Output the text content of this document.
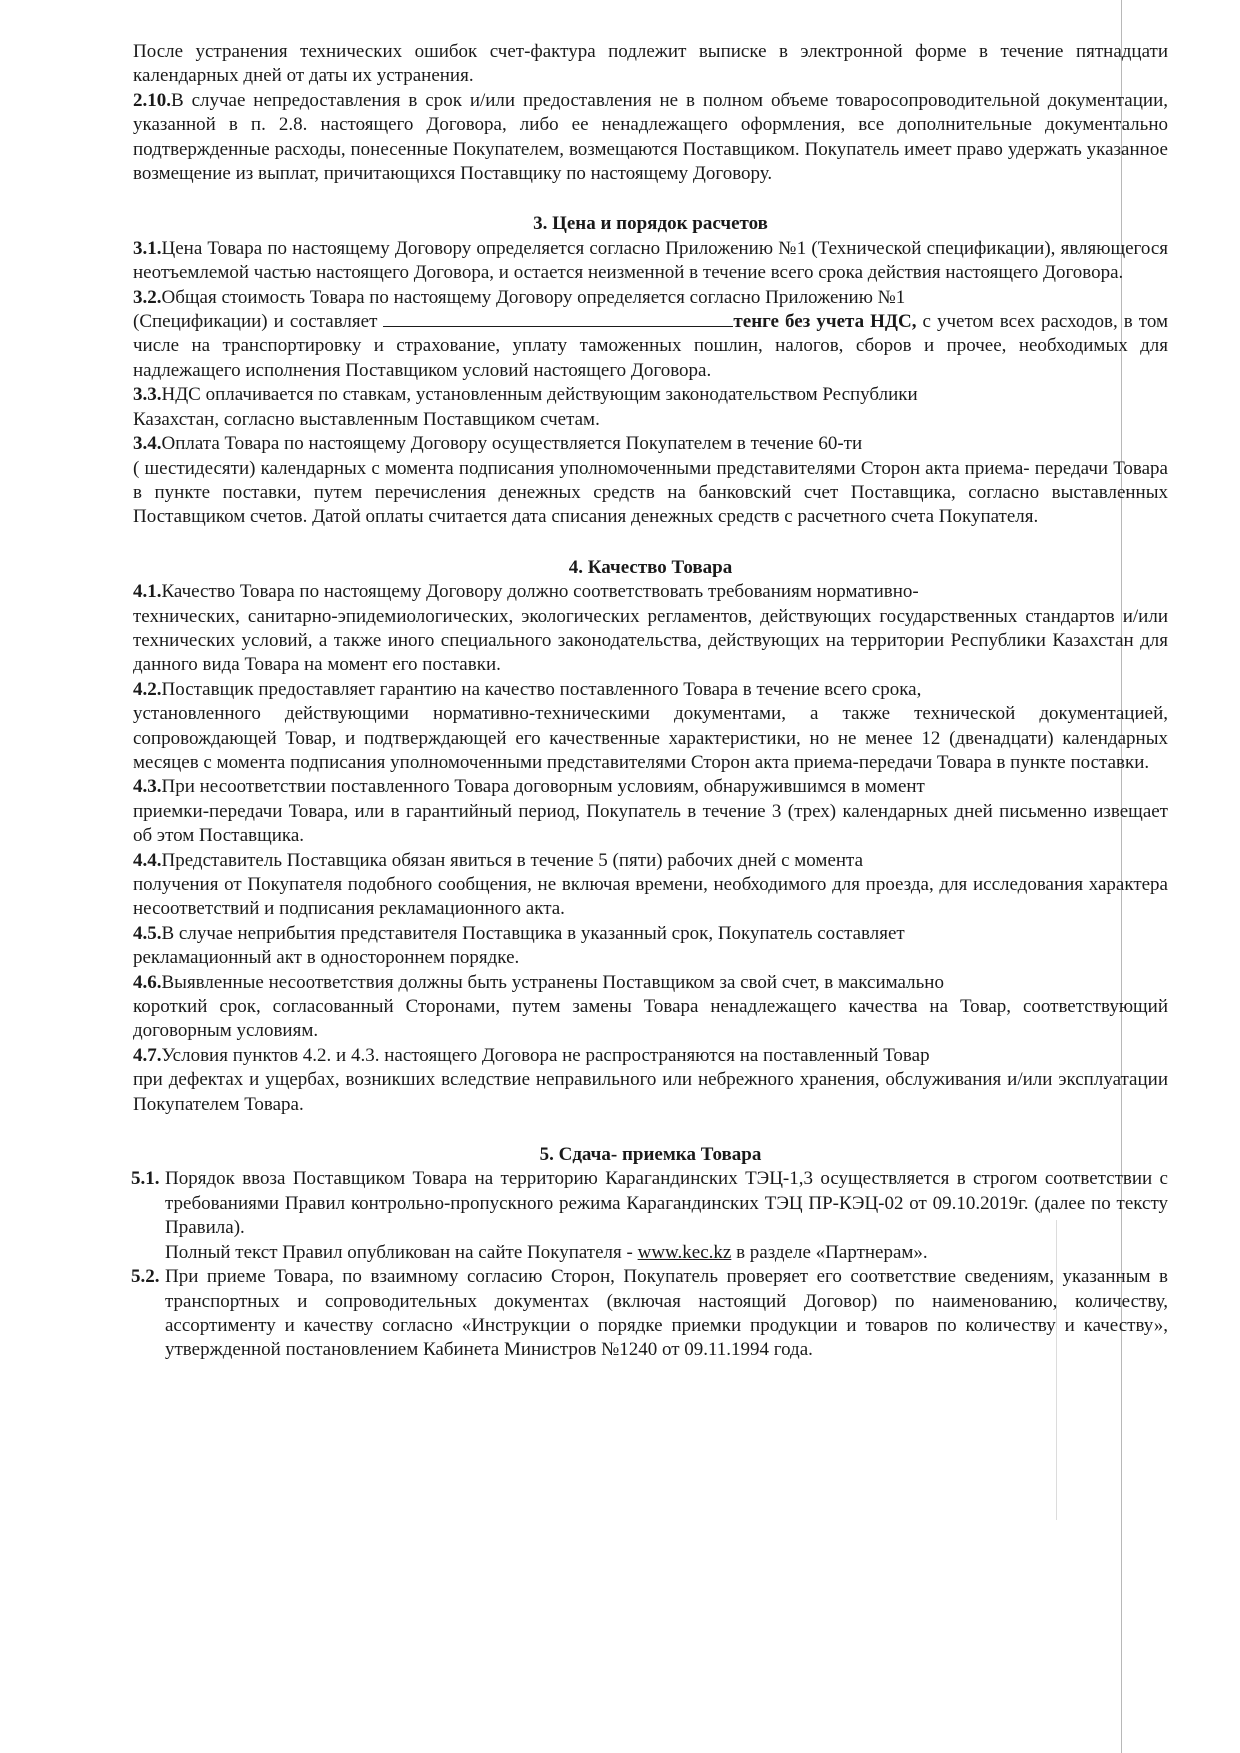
После устранения технических ошибок счет-фактура подлежит выписке в электронной форме в течение пятнадцати календарных дней от даты их устранения.

2.10.В случае непредоставления в срок и/или предоставления не в полном объеме товаросопроводительной документации, указанной в п. 2.8. настоящего Договора, либо ее ненадлежащего оформления, все дополнительные документально подтвержденные расходы, понесенные Покупателем, возмещаются Поставщиком. Покупатель имеет право удержать указанное возмещение из выплат, причитающихся Поставщику по настоящему Договору.

3. Цена и порядок расчетов

3.1.Цена Товара по настоящему Договору определяется согласно Приложению №1 (Технической спецификации), являющегося неотъемлемой частью настоящего Договора, и остается неизменной в течение всего срока действия настоящего Договора.

3.2.Общая стоимость Товара по настоящему Договору определяется согласно Приложению №1

(Спецификации) и составляет	тенге без учета НДС, с учетом всех расходов, в том числе на транспортировку и страхование, уплату таможенных пошлин, налогов, сборов и прочее, необходимых для надлежащего исполнения Поставщиком условий настоящего Договора.

3.3.НДС оплачивается по ставкам, установленным действующим законодательством Республики

Казахстан, согласно выставленным Поставщиком счетам.

3.4.Оплата Товара по настоящему Договору осуществляется Покупателем в течение 60-ти

( шестидесяти) календарных с момента подписания уполномоченными представителями Сторон акта приема- передачи Товара в пункте поставки, путем перечисления денежных средств на банковский счет Поставщика, согласно выставленных Поставщиком счетов. Датой оплаты считается дата списания денежных средств с расчетного счета Покупателя.

4. Качество Товара

4.1.Качество Товара по настоящему Договору должно соответствовать требованиям нормативно-

технических, санитарно-эпидемиологических, экологических регламентов, действующих государственных стандартов и/или технических условий, а также иного специального законодательства, действующих на территории Республики Казахстан для данного вида Товара на момент его поставки.

4.2.Поставщик предоставляет гарантию на качество поставленного Товара в течение всего срока,

установленного действующими нормативно-техническими документами, а также технической документацией, сопровождающей Товар, и подтверждающей его качественные характеристики, но не менее 12 (двенадцати) календарных месяцев с момента подписания уполномоченными представителями Сторон акта приема-передачи Товара в пункте поставки.

4.3.При несоответствии поставленного Товара договорным условиям, обнаружившимся в момент

приемки-передачи Товара, или в гарантийный период, Покупатель в течение 3 (трех) календарных дней письменно извещает об этом Поставщика.

4.4.Представитель Поставщика обязан явиться в течение 5 (пяти) рабочих дней с момента

получения от Покупателя подобного сообщения, не включая времени, необходимого для проезда, для исследования характера несоответствий и подписания рекламационного акта.

4.5.В случае неприбытия представителя Поставщика в указанный срок, Покупатель составляет

рекламационный акт в одностороннем порядке.

4.6.Выявленные несоответствия должны быть устранены Поставщиком за свой счет, в максимально

короткий срок, согласованный Сторонами, путем замены Товара ненадлежащего качества на Товар, соответствующий договорным условиям.

4.7.Условия пунктов 4.2. и 4.3. настоящего Договора не распространяются на поставленный Товар

при дефектах и ущербах, возникших вследствие неправильного или небрежного хранения, обслуживания и/или эксплуатации Покупателем Товара.

5. Сдача- приемка Товара
5.1. Порядок ввоза Поставщиком Товара на территорию Карагандинских ТЭЦ-1,3 осуществляется в строгом соответствии с требованиями Правил контрольно-пропускного режима Карагандинских ТЭЦ ПР-КЭЦ-02 от 09.10.2019г. (далее по тексту Правила).

Полный текст Правил опубликован на сайте Покупателя - www.kec.kz в разделе «Партнерам».

5.2. При приеме Товара, по взаимному согласию Сторон, Покупатель проверяет его соответствие сведениям, указанным в транспортных и сопроводительных документах (включая настоящий Договор) по наименованию, количеству, ассортименту и качеству согласно «Инструкции о порядке приемки продукции и товаров по количеству и качеству», утвержденной постановлением Кабинета Министров №1240 от 09.11.1994 года.
